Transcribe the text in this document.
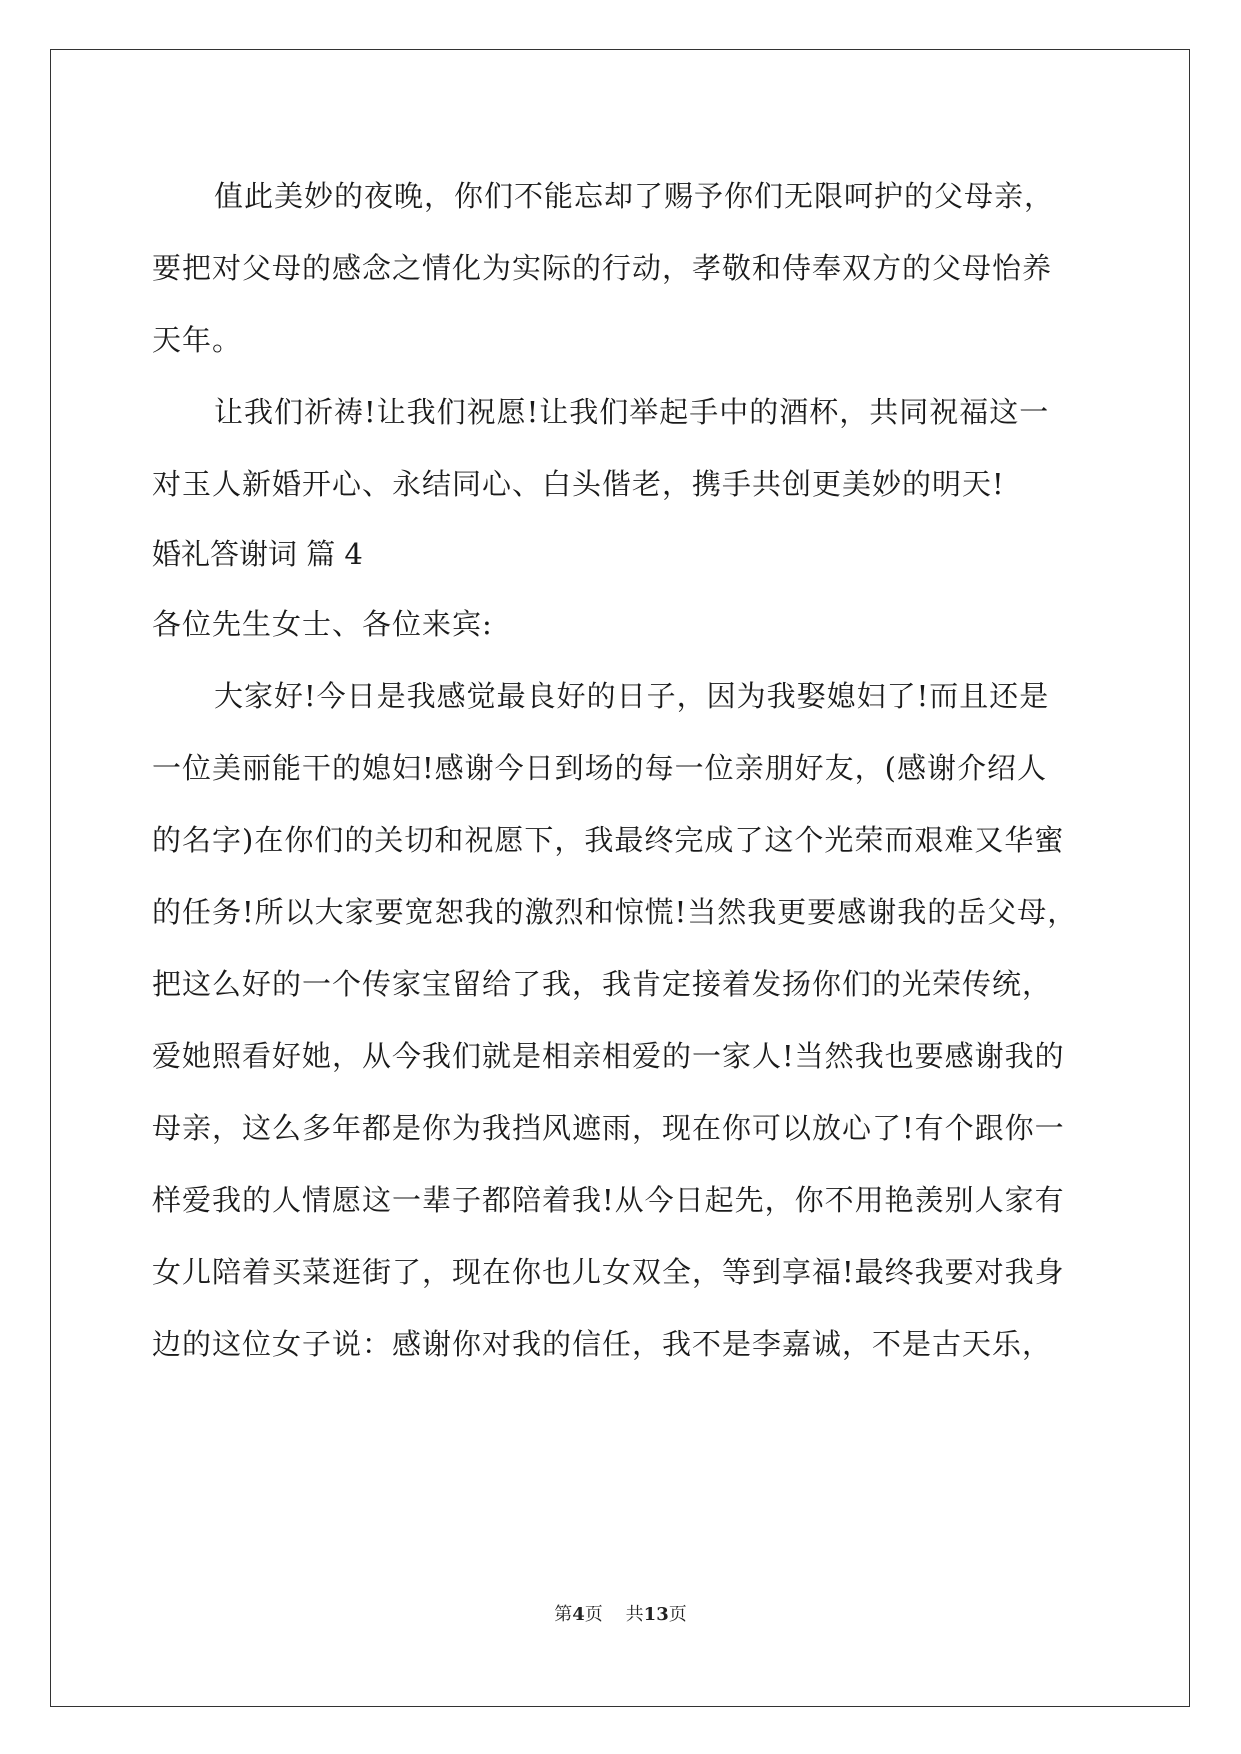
值此美妙的夜晚，你们不能忘却了赐予你们无限呵护的父母亲，
要把对父母的感念之情化为实际的行动，孝敬和侍奉双方的父母怡养
天年。
让我们祈祷!让我们祝愿!让我们举起手中的酒杯，共同祝福这一
对玉人新婚开心、永结同心、白头偕老，携手共创更美妙的明天!
婚礼答谢词 篇 4
各位先生女士、各位来宾:
大家好!今日是我感觉最良好的日子，因为我娶媳妇了!而且还是
一位美丽能干的媳妇!感谢今日到场的每一位亲朋好友，(感谢介绍人
的名字)在你们的关切和祝愿下，我最终完成了这个光荣而艰难又华蜜
的任务!所以大家要宽恕我的激烈和惊慌!当然我更要感谢我的岳父母，
把这么好的一个传家宝留给了我，我肯定接着发扬你们的光荣传统，
爱她照看好她，从今我们就是相亲相爱的一家人!当然我也要感谢我的
母亲，这么多年都是你为我挡风遮雨，现在你可以放心了!有个跟你一
样爱我的人情愿这一辈子都陪着我!从今日起先，你不用艳羡别人家有
女儿陪着买菜逛街了，现在你也儿女双全，等到享福!最终我要对我身
边的这位女子说：感谢你对我的信任，我不是李嘉诚，不是古天乐，
第4页 共13页
